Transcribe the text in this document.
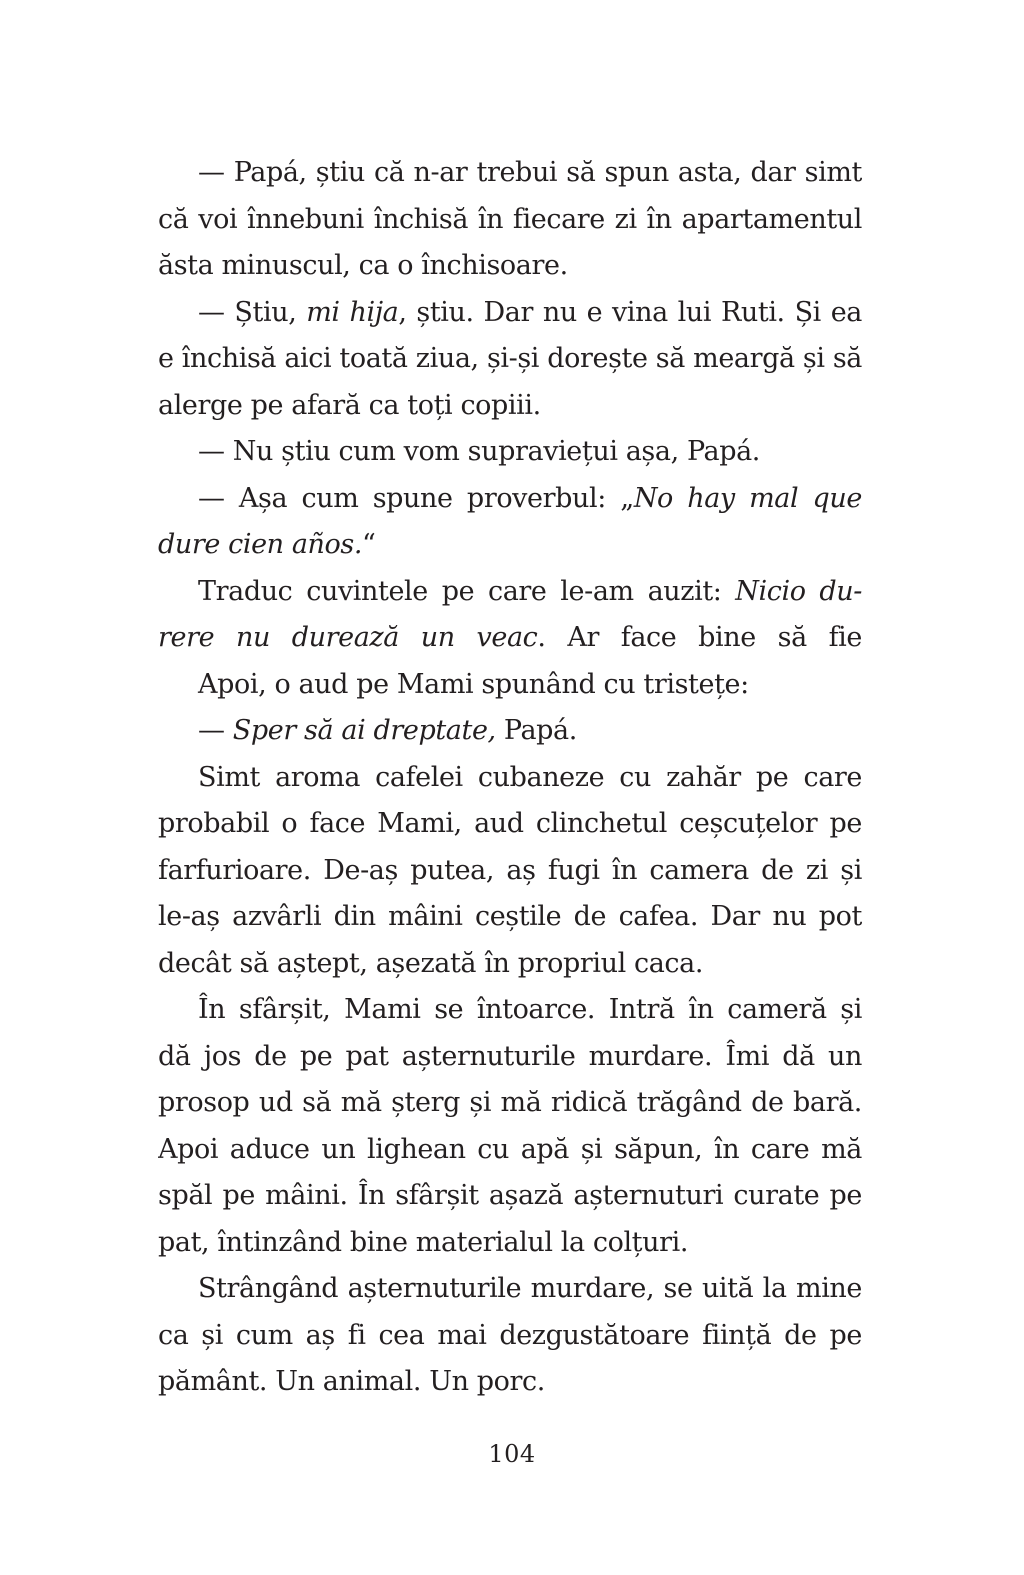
— Papá, știu că n-ar trebui să spun asta, dar simt
că voi înnebuni închisă în fiecare zi în apartamentul
ăsta minuscul, ca o închisoare.
— Știu, mi hija, știu. Dar nu e vina lui Ruti. Și ea
e închisă aici toată ziua, și-și dorește să meargă și să
alerge pe afară ca toți copiii.
— Nu știu cum vom supraviețui așa, Papá.
— Așa cum spune proverbul: „No hay mal que
dure cien años.“
Traduc cuvintele pe care le-am auzit: Nicio du-
rere nu durează un veac. Ar face bine să fie
Apoi, o aud pe Mami spunând cu tristețe:
— Sper să ai dreptate, Papá.
Simt aroma cafelei cubaneze cu zahăr pe care
probabil o face Mami, aud clinchetul ceșcuțelor pe
farfurioare. De-aș putea, aș fugi în camera de zi și
le-aș azvârli din mâini ceștile de cafea. Dar nu pot
decât să aștept, așezată în propriul caca.
În sfârșit, Mami se întoarce. Intră în cameră și
dă jos de pe pat așternuturile murdare. Îmi dă un
prosop ud să mă șterg și mă ridică trăgând de bară.
Apoi aduce un lighean cu apă și săpun, în care mă
spăl pe mâini. În sfârșit așază așternuturi curate pe
pat, întinzând bine materialul la colțuri.
Strângând așternuturile murdare, se uită la mine
ca și cum aș fi cea mai dezgustătoare ființă de pe
pământ. Un animal. Un porc.
104
